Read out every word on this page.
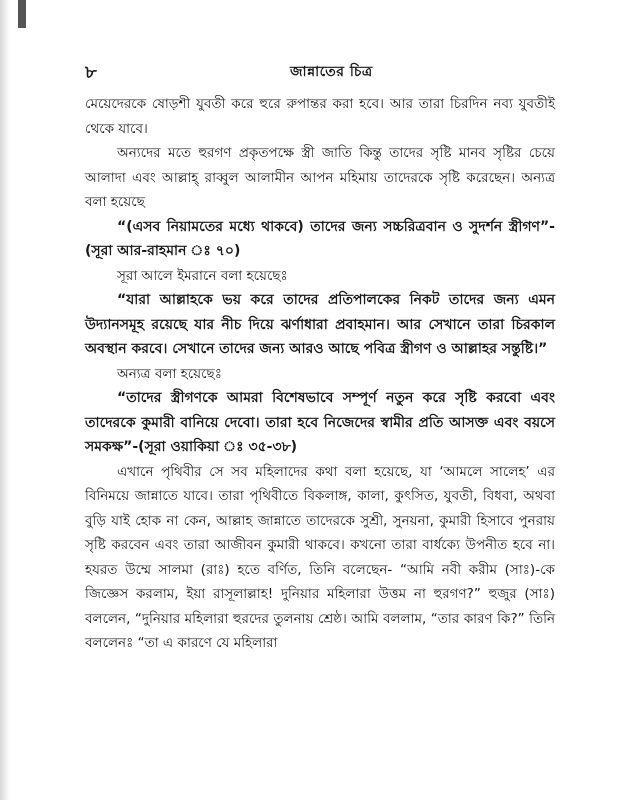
৮	জান্নাতের চিত্র

মেয়েদেরকে ষোড়শী যুবতী করে হুরে রুপান্তর করা হবে। আর তারা চিরদিন নব্য যুবতীই থেকে যাবে।

অন্যদের মতে হুরগণ প্রকৃতপক্ষে স্ত্রী জাতি কিন্তু তাদের সৃষ্টি মানব সৃষ্টির চেয়ে আলাদা এবং আল্লাহ্ রাব্বুল আলামীন আপন মহিমায় তাদেরকে সৃষ্টি করেছেন। অন্যত্র বলা হয়েছে

“(এসব নিয়ামতের মধ্যে থাকবে) তাদের জন্য সচ্চরিত্রবান ও সুদর্শন স্ত্রীগণ”-(সূরা আর-রাহমান ঃ ৭০)

সূরা আলে ইমরানে বলা হয়েছেঃ

“যারা আল্লাহকে ভয় করে তাদের প্রতিপালকের নিকট তাদের জন্য এমন উদ্যানসমূহ রয়েছে যার নীচ দিয়ে ঝর্ণাধারা প্রবাহমান। আর সেখানে তারা চিরকাল অবস্থান করবে। সেখানে তাদের জন্য আরও আছে পবিত্র স্ত্রীগণ ও আল্লাহর সন্তুষ্টি।”

অন্যত্র বলা হয়েছেঃ

“তাদের স্ত্রীগণকে আমরা বিশেষভাবে সম্পূর্ণ নতুন করে সৃষ্টি করবো এবং তাদেরকে কুমারী বানিয়ে দেবো। তারা হবে নিজেদের স্বামীর প্রতি আসক্ত এবং বয়সে সমকক্ষ”-(সূরা ওয়াকিয়া ঃ ৩৫-৩৮)

এখানে পৃথিবীর সে সব মহিলাদের কথা বলা হয়েছে, যা ‘আমলে সালেহ’ এর বিনিময়ে জান্নাতে যাবে। তারা পৃথিবীতে বিকলাঙ্গ, কালা, কুৎসিত, যুবতী, বিধবা, অথবা বুড়ি যাই হোক না কেন, আল্লাহ জান্নাতে তাদেরকে সুশ্রী, সুনয়না, কুমারী হিসাবে পুনরায় সৃষ্টি করবেন এবং তারা আজীবন কুমারী থাকবে। কখনো তারা বার্ধক্যে উপনীত হবে না। হযরত উম্মে সালমা (রাঃ) হতে বর্ণিত, তিনি বলেছেন- “আমি নবী করীম (সাঃ)-কে জিজ্ঞেস করলাম, ইয়া রাসূলাল্লাহ! দুনিয়ার মহিলারা উত্তম না হুরগণ?” হুজুর (সাঃ) বললেন, “দুনিয়ার মহিলারা হুরদের তুলনায় শ্রেষ্ঠ। আমি বললাম, “তার কারণ কি?” তিনি বললেনঃ “তা এ কারণে যে মহিলারা
